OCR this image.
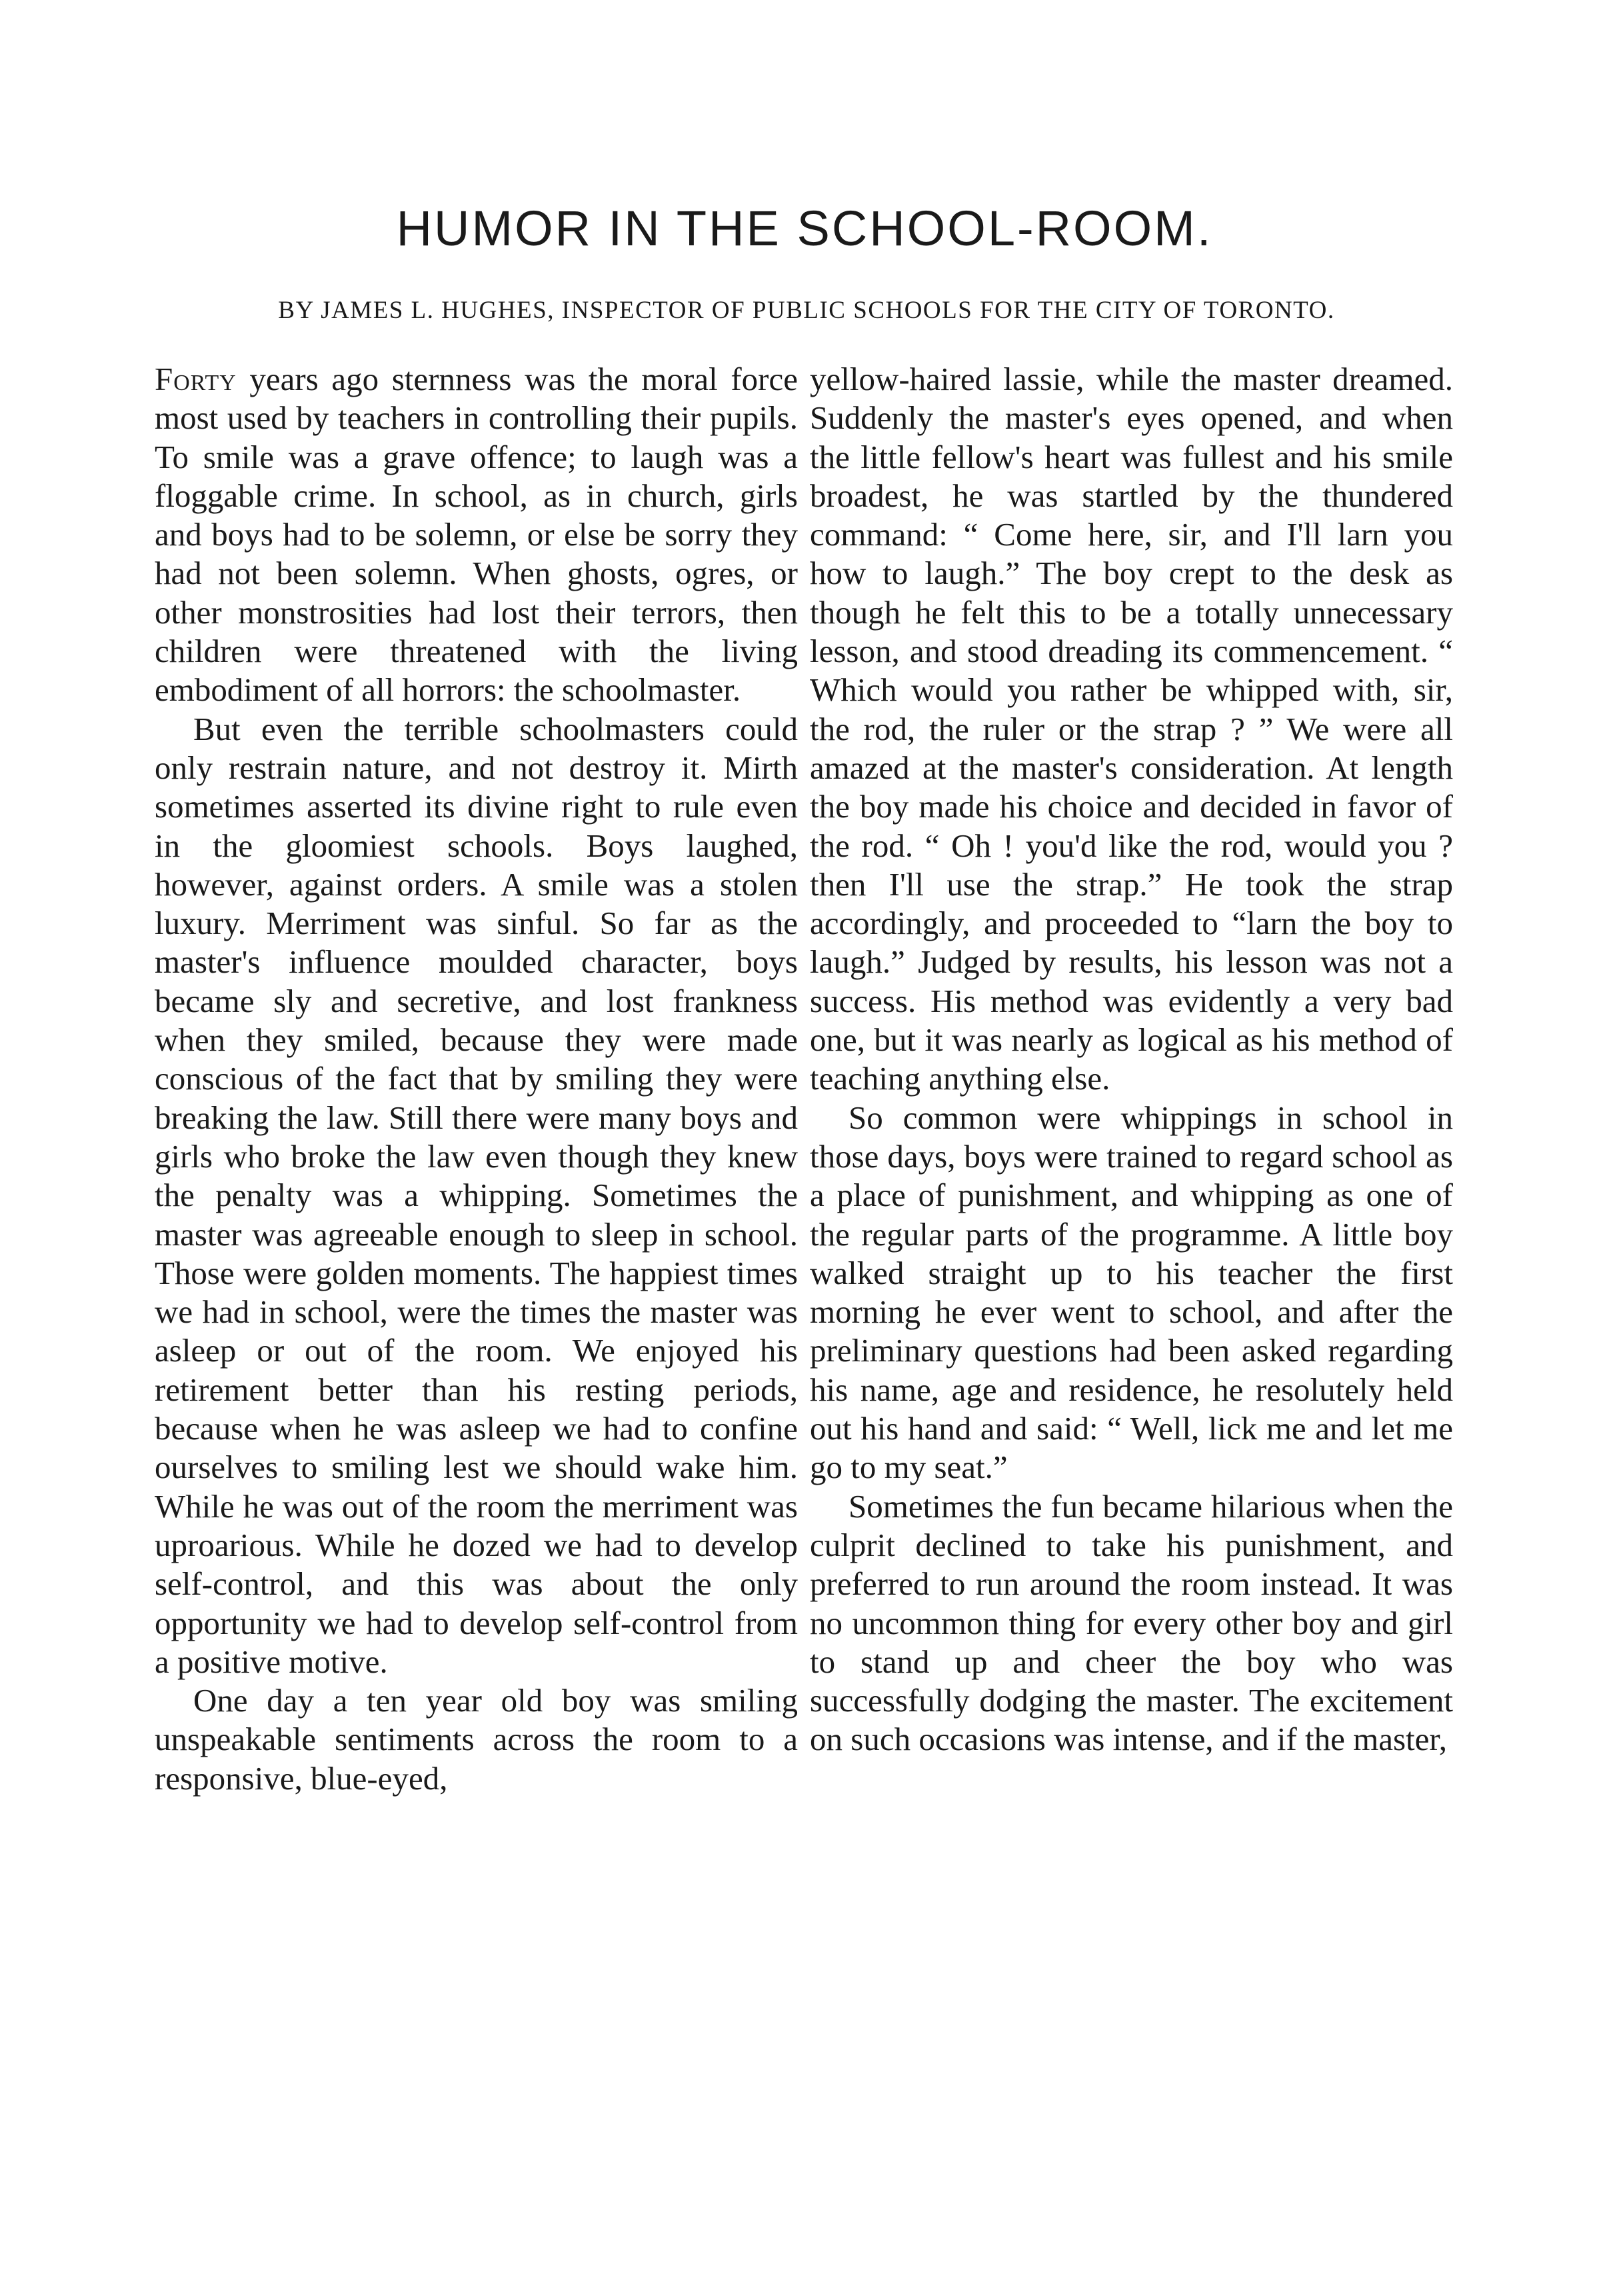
HUMOR IN THE SCHOOL-ROOM.
BY JAMES L. HUGHES, INSPECTOR OF PUBLIC SCHOOLS FOR THE CITY OF TORONTO.

Forty years ago sternness was the moral force most used by teachers in controlling their pupils. To smile was a grave offence; to laugh was a floggable crime. In school, as in church, girls and boys had to be solemn, or else be sorry they had not been solemn. When ghosts, ogres, or other monstrosities had lost their terrors, then children were threatened with the living embodiment of all horrors: the schoolmaster.

But even the terrible schoolmasters could only restrain nature, and not destroy it. Mirth sometimes asserted its divine right to rule even in the gloomiest schools. Boys laughed, however, against orders. A smile was a stolen luxury. Merriment was sinful. So far as the master's influence moulded character, boys became sly and secretive, and lost frankness when they smiled, because they were made conscious of the fact that by smiling they were breaking the law. Still there were many boys and girls who broke the law even though they knew the penalty was a whipping. Sometimes the master was agreeable enough to sleep in school. Those were golden moments. The happiest times we had in school, were the times the master was asleep or out of the room. We enjoyed his retirement better than his resting periods, because when he was asleep we had to confine ourselves to smiling lest we should wake him. While he was out of the room the merriment was uproarious. While he dozed we had to develop self-control, and this was about the only opportunity we had to develop self-control from a positive motive.

One day a ten year old boy was smiling unspeakable sentiments across the room to a responsive, blue-eyed,

yellow-haired lassie, while the master dreamed. Suddenly the master's eyes opened, and when the little fellow's heart was fullest and his smile broadest, he was startled by the thundered command: “ Come here, sir, and I'll larn you how to laugh.” The boy crept to the desk as though he felt this to be a totally unnecessary lesson, and stood dreading its commencement. “ Which would you rather be whipped with, sir, the rod, the ruler or the strap ? ” We were all amazed at the master's consideration. At length the boy made his choice and decided in favor of the rod. “ Oh ! you'd like the rod, would you ? then I'll use the strap.” He took the strap accordingly, and proceeded to “larn the boy to laugh.” Judged by results, his lesson was not a success. His method was evidently a very bad one, but it was nearly as logical as his method of teaching anything else.

So common were whippings in school in those days, boys were trained to regard school as a place of punishment, and whipping as one of the regular parts of the programme. A little boy walked straight up to his teacher the first morning he ever went to school, and after the preliminary questions had been asked regarding his name, age and residence, he resolutely held out his hand and said: “ Well, lick me and let me go to my seat.”

Sometimes the fun became hilarious when the culprit declined to take his punishment, and preferred to run around the room instead. It was no uncommon thing for every other boy and girl to stand up and cheer the boy who was successfully dodging the master. The excitement on such occasions was intense, and if the master,
